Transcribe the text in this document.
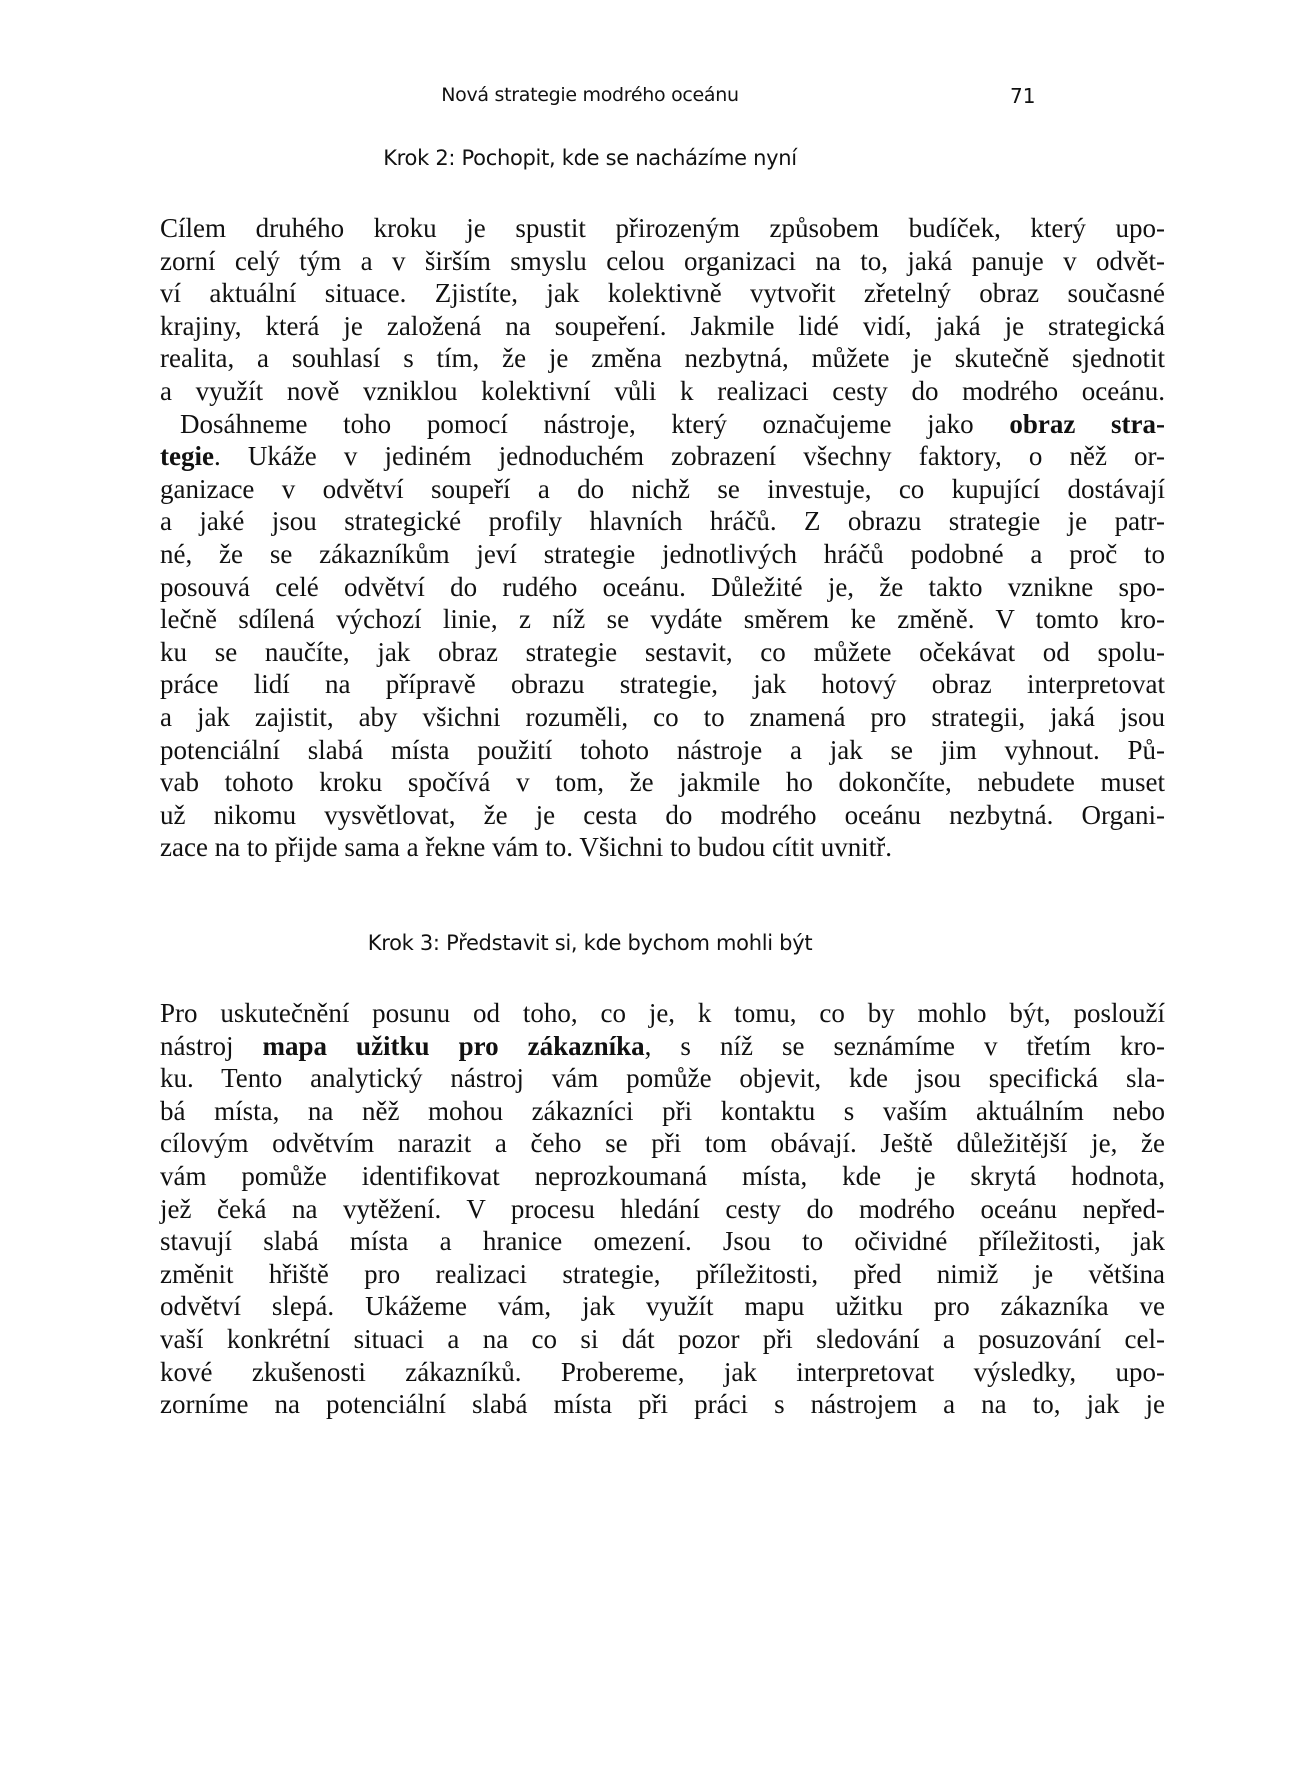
Nová strategie modrého oceánu	71
Krok 2: Pochopit, kde se nacházíme nyní
Cílem druhého kroku je spustit přirozeným způsobem budíček, který upo-
zorní celý tým a v širším smyslu celou organizaci na to, jaká panuje v odvět-
ví aktuální situace. Zjistíte, jak kolektivně vytvořit zřetelný obraz současné
krajiny, která je založená na soupeření. Jakmile lidé vidí, jaká je strategická
realita, a souhlasí s tím, že je změna nezbytná, můžete je skutečně sjednotit
a využít nově vzniklou kolektivní vůli k realizaci cesty do modrého oceánu.
Dosáhneme toho pomocí nástroje, který označujeme jako obraz stra-
tegie. Ukáže v jediném jednoduchém zobrazení všechny faktory, o něž or-
ganizace v odvětví soupeří a do nichž se investuje, co kupující dostávají
a jaké jsou strategické profily hlavních hráčů. Z obrazu strategie je patr-
né, že se zákazníkům jeví strategie jednotlivých hráčů podobné a proč to
posouvá celé odvětví do rudého oceánu. Důležité je, že takto vznikne spo-
lečně sdílená výchozí linie, z níž se vydáte směrem ke změně. V tomto kro-
ku se naučíte, jak obraz strategie sestavit, co můžete očekávat od spolu-
práce lidí na přípravě obrazu strategie, jak hotový obraz interpretovat
a jak zajistit, aby všichni rozuměli, co to znamená pro strategii, jaká jsou
potenciální slabá místa použití tohoto nástroje a jak se jim vyhnout. Pů-
vab tohoto kroku spočívá v tom, že jakmile ho dokončíte, nebudete muset
už nikomu vysvětlovat, že je cesta do modrého oceánu nezbytná. Organi-
zace na to přijde sama a řekne vám to. Všichni to budou cítit uvnitř.
Krok 3: Představit si, kde bychom mohli být
Pro uskutečnění posunu od toho, co je, k tomu, co by mohlo být, poslouží
nástroj mapa užitku pro zákazníka, s níž se seznámíme v třetím kro-
ku. Tento analytický nástroj vám pomůže objevit, kde jsou specifická sla-
bá místa, na něž mohou zákazníci při kontaktu s vaším aktuálním nebo
cílovým odvětvím narazit a čeho se při tom obávají. Ještě důležitější je, že
vám pomůže identifikovat neprozkoumaná místa, kde je skrytá hodnota,
jež čeká na vytěžení. V procesu hledání cesty do modrého oceánu nepřed-
stavují slabá místa a hranice omezení. Jsou to očividné příležitosti, jak
změnit hřiště pro realizaci strategie, příležitosti, před nimiž je většina
odvětví slepá. Ukážeme vám, jak využít mapu užitku pro zákazníka ve
vaší konkrétní situaci a na co si dát pozor při sledování a posuzování cel-
kové zkušenosti zákazníků. Probereme, jak interpretovat výsledky, upo-
zorníme na potenciální slabá místa při práci s nástrojem a na to, jak je
